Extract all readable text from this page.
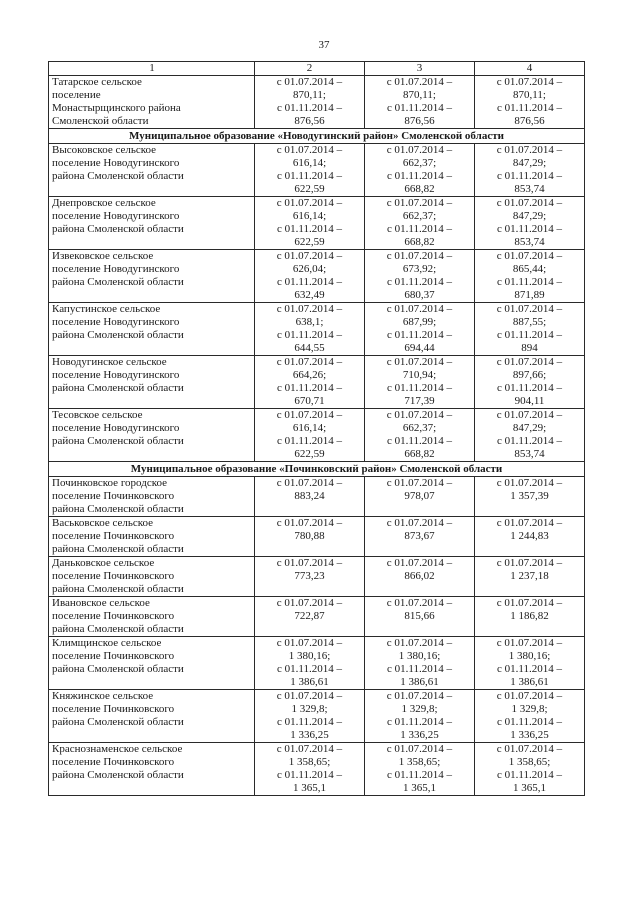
37
1	2	3	4

Татарское сельское
поселение
Монастырщинского района
Смоленской области	с 01.07.2014 –
870,11;
с 01.11.2014 –
876,56	с 01.07.2014 –
870,11;
с 01.11.2014 –
876,56	с 01.07.2014 –
870,11;
с 01.11.2014 –
876,56

Муниципальное образование «Новодугинский район» Смоленской области			

Высоковское сельское
поселение Новодугинского
района Смоленской области	с 01.07.2014 –
616,14;
с 01.11.2014 –
622,59	с 01.07.2014 –
662,37;
с 01.11.2014 –
668,82	с 01.07.2014 –
847,29;
с 01.11.2014 –
853,74

Днепровское сельское
поселение Новодугинского
района Смоленской области	с 01.07.2014 –
616,14;
с 01.11.2014 –
622,59	с 01.07.2014 –
662,37;
с 01.11.2014 –
668,82	с 01.07.2014 –
847,29;
с 01.11.2014 –
853,74

Извековское сельское
поселение Новодугинского
района Смоленской области	с 01.07.2014 –
626,04;
с 01.11.2014 –
632,49	с 01.07.2014 –
673,92;
с 01.11.2014 –
680,37	с 01.07.2014 –
865,44;
с 01.11.2014 –
871,89

Капустинское сельское
поселение Новодугинского
района Смоленской области	с 01.07.2014 –
638,1;
с 01.11.2014 –
644,55	с 01.07.2014 –
687,99;
с 01.11.2014 –
694,44	с 01.07.2014 –
887,55;
с 01.11.2014 –
894

Новодугинское сельское
поселение Новодугинского
района Смоленской области	с 01.07.2014 –
664,26;
с 01.11.2014 –
670,71	с 01.07.2014 –
710,94;
с 01.11.2014 –
717,39	с 01.07.2014 –
897,66;
с 01.11.2014 –
904,11

Тесовское сельское
поселение Новодугинского
района Смоленской области	с 01.07.2014 –
616,14;
с 01.11.2014 –
622,59	с 01.07.2014 –
662,37;
с 01.11.2014 –
668,82	с 01.07.2014 –
847,29;
с 01.11.2014 –
853,74

Муниципальное образование «Починковский район» Смоленской области			

Починковское городское
поселение Починковского
района Смоленской области	с 01.07.2014 –
883,24	с 01.07.2014 –
978,07	с 01.07.2014 –
1 357,39

Васьковское сельское
поселение Починковского
района Смоленской области	с 01.07.2014 –
780,88	с 01.07.2014 –
873,67	с 01.07.2014 –
1 244,83

Даньковское сельское
поселение Починковского
района Смоленской области	с 01.07.2014 –
773,23	с 01.07.2014 –
866,02	с 01.07.2014 –
1 237,18

Ивановское сельское
поселение Починковского
района Смоленской области	с 01.07.2014 –
722,87	с 01.07.2014 –
815,66	с 01.07.2014 –
1 186,82

Климщинское сельское
поселение Починковского
района Смоленской области	с 01.07.2014 –
1 380,16;
с 01.11.2014 –
1 386,61	с 01.07.2014 –
1 380,16;
с 01.11.2014 –
1 386,61	с 01.07.2014 –
1 380,16;
с 01.11.2014 –
1 386,61

Княжинское сельское
поселение Починковского
района Смоленской области	с 01.07.2014 –
1 329,8;
с 01.11.2014 –
1 336,25	с 01.07.2014 –
1 329,8;
с 01.11.2014 –
1 336,25	с 01.07.2014 –
1 329,8;
с 01.11.2014 –
1 336,25

Краснознаменское сельское
поселение Починковского
района Смоленской области	с 01.07.2014 –
1 358,65;
с 01.11.2014 –
1 365,1	с 01.07.2014 –
1 358,65;
с 01.11.2014 –
1 365,1	с 01.07.2014 –
1 358,65;
с 01.11.2014 –
1 365,1
